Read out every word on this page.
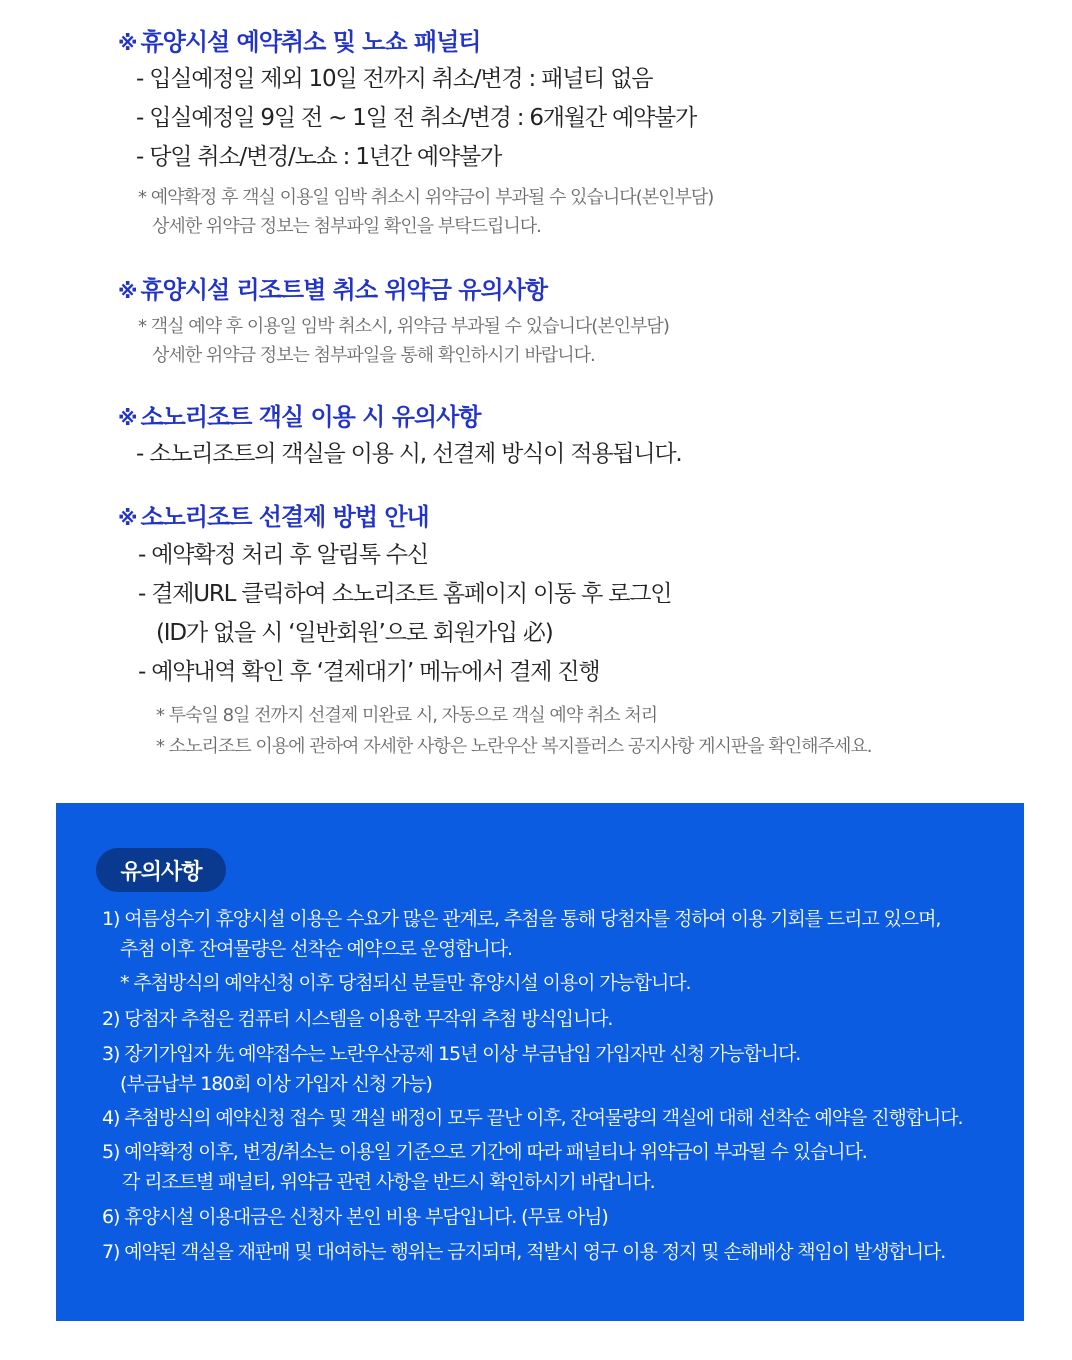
※ 휴양시설 예약취소 및 노쇼 패널티
- 입실예정일 제외 10일 전까지 취소/변경 : 패널티 없음
- 입실예정일 9일 전 ~ 1일 전 취소/변경 : 6개월간 예약불가
- 당일 취소/변경/노쇼 : 1년간 예약불가
* 예약확정 후 객실 이용일 임박 취소시 위약금이 부과될 수 있습니다(본인부담)
상세한 위약금 정보는 첨부파일 확인을 부탁드립니다.
※ 휴양시설 리조트별 취소 위약금 유의사항
* 객실 예약 후 이용일 임박 취소시, 위약금 부과될 수 있습니다(본인부담)
상세한 위약금 정보는 첨부파일을 통해 확인하시기 바랍니다.
※ 소노리조트 객실 이용 시 유의사항
- 소노리조트의 객실을 이용 시, 선결제 방식이 적용됩니다.
※ 소노리조트 선결제 방법 안내
- 예약확정 처리 후 알림톡 수신
- 결제URL 클릭하여 소노리조트 홈페이지 이동 후 로그인
(ID가 없을 시 ‘일반회원’으로 회원가입 必)
- 예약내역 확인 후 ‘결제대기’ 메뉴에서 결제 진행
* 투숙일 8일 전까지 선결제 미완료 시, 자동으로 객실 예약 취소 처리
* 소노리조트 이용에 관하여 자세한 사항은 노란우산 복지플러스 공지사항 게시판을 확인해주세요.
유의사항
1) 여름성수기 휴양시설 이용은 수요가 많은 관계로, 추첨을 통해 당첨자를 정하여 이용 기회를 드리고 있으며,
추첨 이후 잔여물량은 선착순 예약으로 운영합니다.
* 추첨방식의 예약신청 이후 당첨되신 분들만 휴양시설 이용이 가능합니다.
2) 당첨자 추첨은 컴퓨터 시스템을 이용한 무작위 추첨 방식입니다.
3) 장기가입자 先 예약접수는 노란우산공제 15년 이상 부금납입 가입자만 신청 가능합니다.
(부금납부 180회 이상 가입자 신청 가능)
4) 추첨방식의 예약신청 접수 및 객실 배정이 모두 끝난 이후, 잔여물량의 객실에 대해 선착순 예약을 진행합니다.
5) 예약확정 이후, 변경/취소는 이용일 기준으로 기간에 따라 패널티나 위약금이 부과될 수 있습니다.
각 리조트별 패널티, 위약금 관련 사항을 반드시 확인하시기 바랍니다.
6) 휴양시설 이용대금은 신청자 본인 비용 부담입니다. (무료 아님)
7) 예약된 객실을 재판매 및 대여하는 행위는 금지되며, 적발시 영구 이용 정지 및 손해배상 책임이 발생합니다.
